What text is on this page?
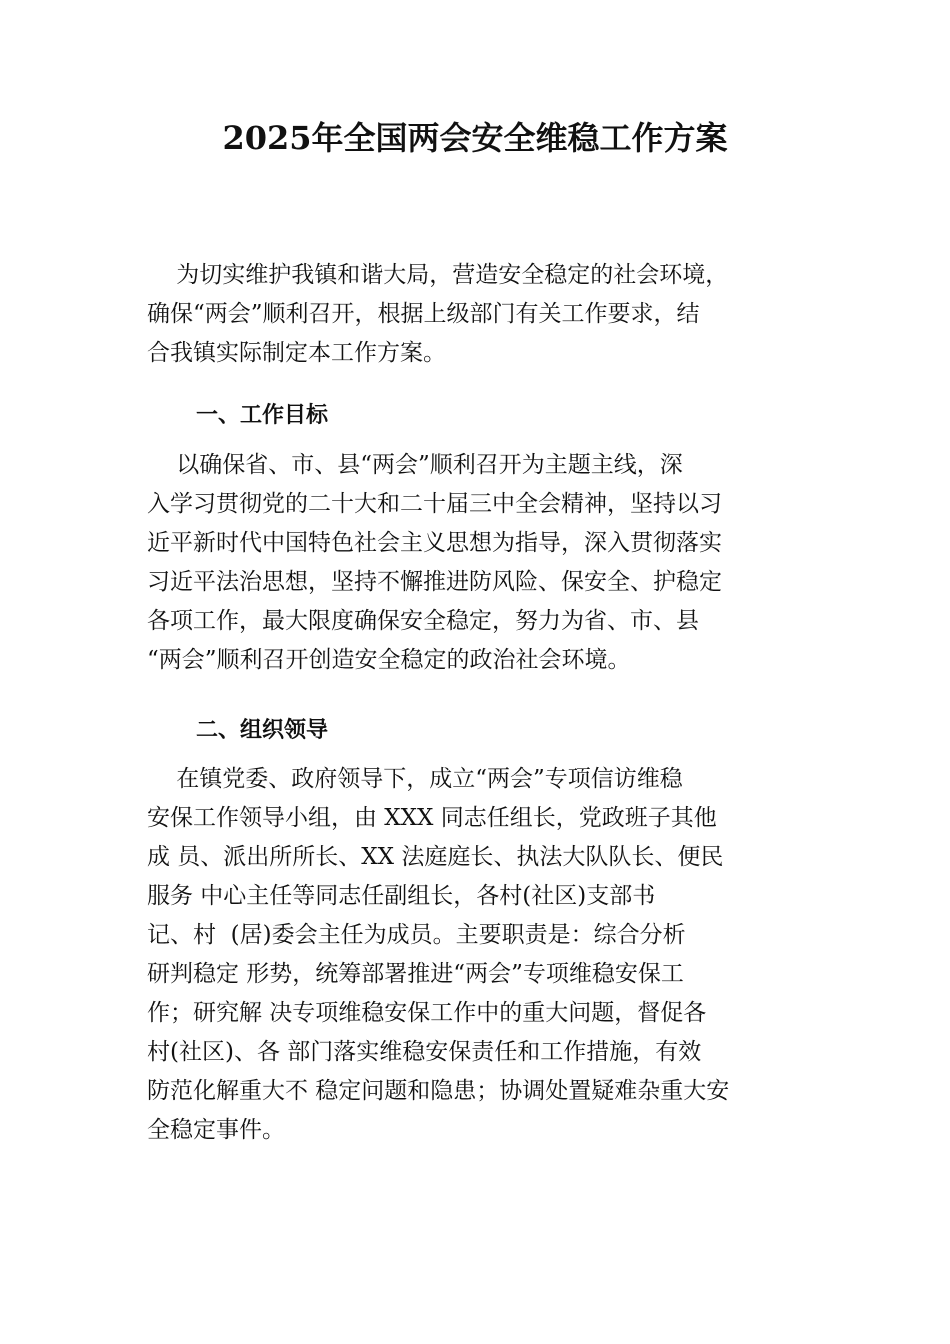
2025年全国两会安全维稳工作方案

为切实维护我镇和谐大局，营造安全稳定的社会环境，
确保“两会”顺利召开，根据上级部门有关工作要求，结
合我镇实际制定本工作方案。

一、工作目标

以确保省、市、县“两会”顺利召开为主题主线，深
入学习贯彻党的二十大和二十届三中全会精神，坚持以习
近平新时代中国特色社会主义思想为指导，深入贯彻落实
习近平法治思想，坚持不懈推进防风险、保安全、护稳定
各项工作，最大限度确保安全稳定，努力为省、市、县
“两会”顺利召开创造安全稳定的政治社会环境。

二、组织领导

在镇党委、政府领导下，成立“两会”专项信访维稳
安保工作领导小组，由 XXX 同志任组长，党政班子其他
成 员、派出所所长、XX 法庭庭长、执法大队队长、便民
服务 中心主任等同志任副组长，各村(社区)支部书
记、村  (居)委会主任为成员。主要职责是：综合分析
研判稳定 形势，统筹部署推进“两会”专项维稳安保工
作；研究解 决专项维稳安保工作中的重大问题，督促各
村(社区)、各 部门落实维稳安保责任和工作措施，有效
防范化解重大不 稳定问题和隐患；协调处置疑难杂重大安
全稳定事件。
